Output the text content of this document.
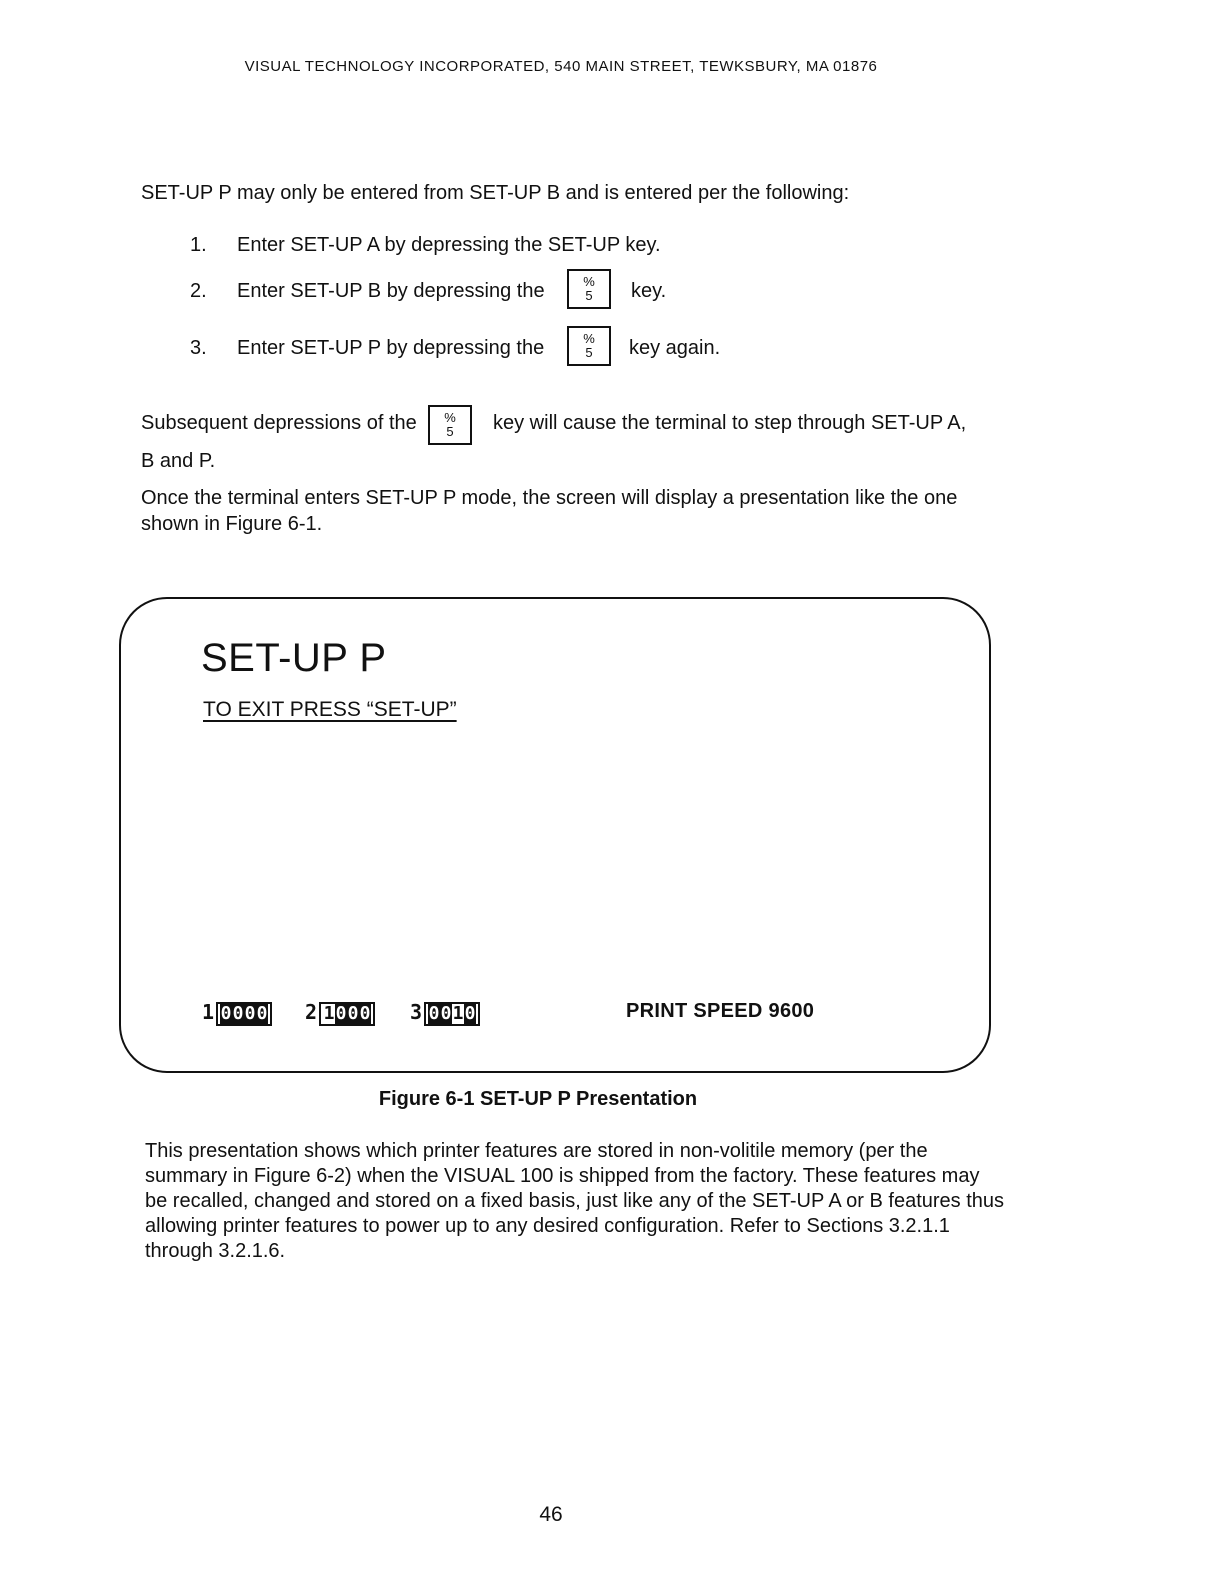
VISUAL TECHNOLOGY INCORPORATED, 540 MAIN STREET, TEWKSBURY, MA 01876
SET-UP P may only be entered from SET-UP B and is entered per the following:
1. Enter SET-UP A by depressing the SET-UP key.
2. Enter SET-UP B by depressing the	%
5	key.
3. Enter SET-UP P by depressing the	%
5	key again.
Subsequent depressions of the	%
5	key will cause the terminal to step through SET-UP A,
B and P.
Once the terminal enters SET-UP P mode, the screen will display a presentation like the one
shown in Figure 6-1.
SET-UP P
TO EXIT PRESS “SET-UP”
1 0000 2 1000 3 0010	PRINT SPEED 9600
Figure 6-1 SET-UP P Presentation
This presentation shows which printer features are stored in non-volitile memory (per the summary in Figure 6-2) when the VISUAL 100 is shipped from the factory. These features may be recalled, changed and stored on a fixed basis, just like any of the SET-UP A or B features thus allowing printer features to power up to any desired configuration. Refer to Sections 3.2.1.1 through 3.2.1.6.
46
